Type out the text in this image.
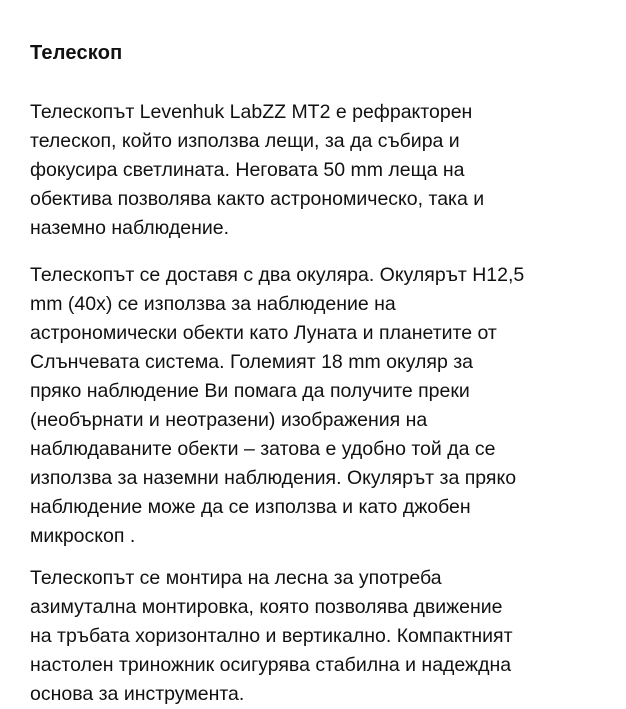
Телескоп
Телескопът Levenhuk LabZZ MT2 е рефракторен
телескоп, който използва лещи, за да събира и
фокусира светлината. Неговата 50 mm леща на
обектива позволява както астрономическо, така и
наземно наблюдение.
Телескопът се доставя с два окуляра. Окулярът H12,5
mm (40x) се използва за наблюдение на
астрономически обекти като Луната и планетите от
Слънчевата система. Големият 18 mm окуляр за
пряко наблюдение Ви помага да получите преки
(необърнати и неотразени) изображения на
наблюдаваните обекти – затова е удобно той да се
използва за наземни наблюдения. Окулярът за пряко
наблюдение може да се използва и като джобен
микроскоп .
Телескопът се монтира на лесна за употреба
азимутална монтировка, която позволява движение
на тръбата хоризонтално и вертикално. Компактният
настолен триножник осигурява стабилна и надеждна
основа за инструмента.
